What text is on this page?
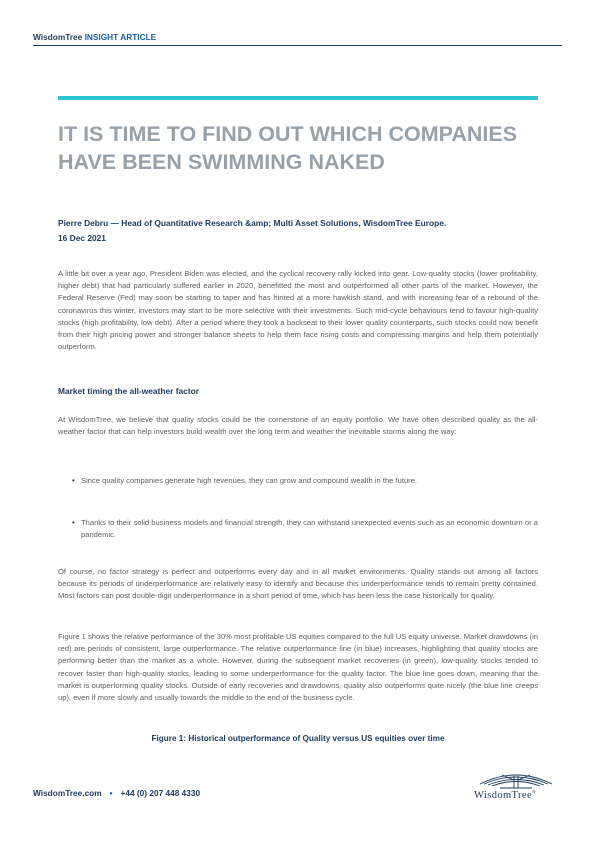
WisdomTree INSIGHT ARTICLE
IT IS TIME TO FIND OUT WHICH COMPANIES HAVE BEEN SWIMMING NAKED
Pierre Debru — Head of Quantitative Research &amp; Multi Asset Solutions, WisdomTree Europe.
16 Dec 2021

A little bit over a year ago, President Biden was elected, and the cyclical recovery rally kicked into gear. Low-quality stocks (lower profitability, higher debt) that had particularly suffered earlier in 2020, benefitted the most and outperformed all other parts of the market. However, the Federal Reserve (Fed) may soon be starting to taper and has hinted at a more hawkish stand, and with increasing fear of a rebound of the coronavirus this winter, investors may start to be more selective with their investments. Such mid-cycle behaviours tend to favour high-quality stocks (high profitability, low debt). After a period where they took a backseat to their lower quality counterparts, such stocks could now benefit from their high pricing power and stronger balance sheets to help them face rising costs and compressing margins and help them potentially outperform.

Market timing the all-weather factor

At WisdomTree, we believe that quality stocks could be the cornerstone of an equity portfolio. We have often described quality as the all-weather factor that can help investors build wealth over the long term and weather the inevitable storms along the way:

• Since quality companies generate high revenues, they can grow and compound wealth in the future.
• Thanks to their solid business models and financial strength, they can withstand unexpected events such as an economic downturn or a pandemic.

Of course, no factor strategy is perfect and outperforms every day and in all market environments. Quality stands out among all factors because its periods of underperformance are relatively easy to identify and because this underperformance tends to remain pretty contained. Most factors can post double-digit underperformance in a short period of time, which has been less the case historically for quality.

Figure 1 shows the relative performance of the 30% most profitable US equities compared to the full US equity universe. Market drawdowns (in red) are periods of consistent, large outperformance. The relative outperformance line (in blue) increases, highlighting that quality stocks are performing better than the market as a whole. However, during the subsequent market recoveries (in green), low-quality stocks tended to recover faster than high-quality stocks, leading to some underperformance for the quality factor. The blue line goes down, meaning that the market is outperforming quality stocks. Outside of early recoveries and drawdowns, quality also outperforms quite nicely (the blue line creeps up), even if more slowly and usually towards the middle to the end of the business cycle.

Figure 1: Historical outperformance of Quality versus US equities over time
WisdomTree.com • +44 (0) 207 448 4330	WisdomTree®
